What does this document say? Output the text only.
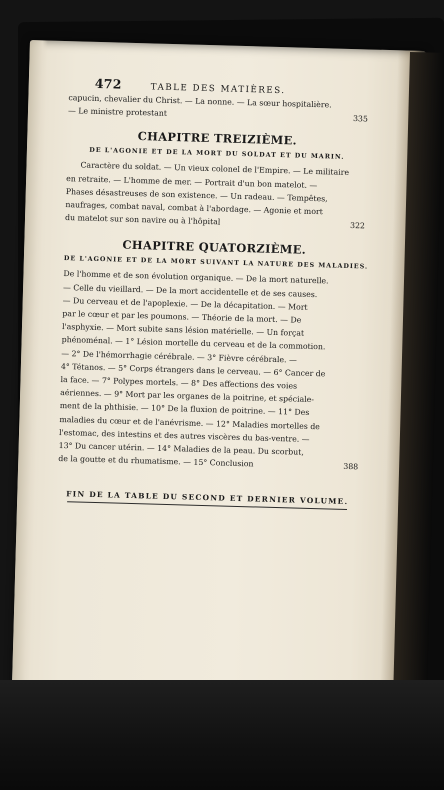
472	TABLE DES MATIÈRES.
capucin, chevalier du Christ. — La nonne. — La sœur hospitalière.
— Le ministre protestant
335
CHAPITRE TREIZIÈME.
DE L'AGONIE ET DE LA MORT DU SOLDAT ET DU MARIN.
Caractère du soldat. — Un vieux colonel de l'Empire. — Le militaire
en retraite. — L'homme de mer. — Portrait d'un bon matelot. —
Phases désastreuses de son existence. — Un radeau. — Tempêtes,
naufrages, combat naval, combat à l'abordage. — Agonie et mort
du matelot sur son navire ou à l'hôpital	322
CHAPITRE QUATORZIÈME.
DE L'AGONIE ET DE LA MORT SUIVANT LA NATURE DES MALADIES.
De l'homme et de son évolution organique. — De la mort naturelle.
— Celle du vieillard. — De la mort accidentelle et de ses causes.
— Du cerveau et de l'apoplexie. — De la décapitation. — Mort
par le cœur et par les poumons. — Théorie de la mort. — De
l'asphyxie. — Mort subite sans lésion matérielle. — Un forçat
phénoménal. — 1° Lésion mortelle du cerveau et de la commotion.
— 2° De l'hémorrhagie cérébrale. — 3° Fièvre cérébrale. —
4° Tétanos. — 5° Corps étrangers dans le cerveau. — 6° Cancer de
la face. — 7° Polypes mortels. — 8° Des affections des voies
aériennes. — 9° Mort par les organes de la poitrine, et spéciale-
ment de la phthisie. — 10° De la fluxion de poitrine. — 11° Des
maladies du cœur et de l'anévrisme. — 12° Maladies mortelles de
l'estomac, des intestins et des autres viscères du bas-ventre. —
13° Du cancer utérin. — 14° Maladies de la peau. Du scorbut,
de la goutte et du rhumatisme. — 15° Conclusion	388
FIN DE LA TABLE DU SECOND ET DERNIER VOLUME.
